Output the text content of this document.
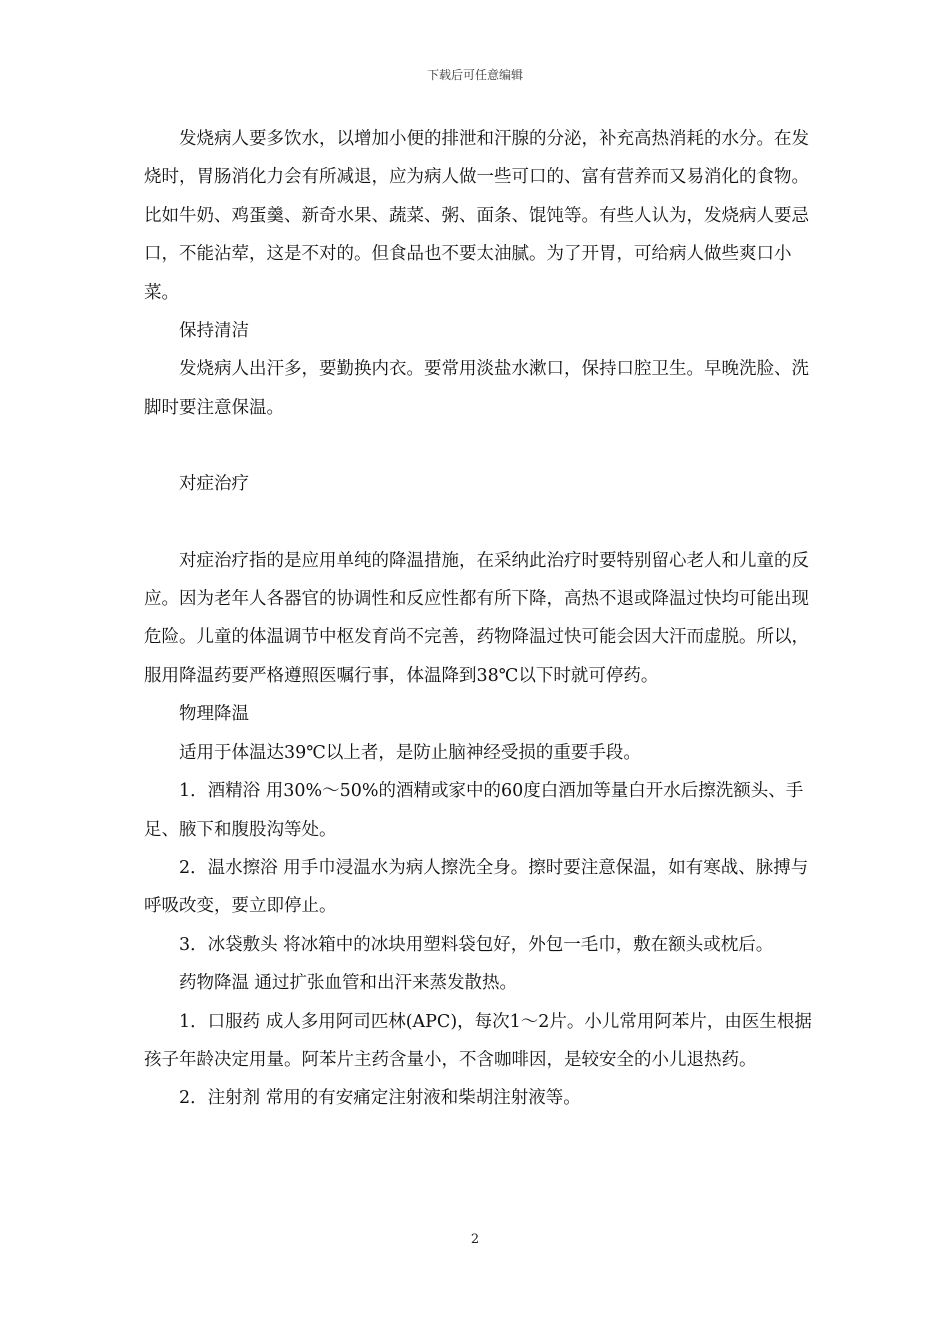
下载后可任意编辑

发烧病人要多饮水，以增加小便的排泄和汗腺的分泌，补充高热消耗的水分。在发烧时，胃肠消化力会有所减退，应为病人做一些可口的、富有营养而又易消化的食物。比如牛奶、鸡蛋羹、新奇水果、蔬菜、粥、面条、馄饨等。有些人认为，发烧病人要忌口，不能沾荤，这是不对的。但食品也不要太油腻。为了开胃，可给病人做些爽口小菜。

保持清洁

发烧病人出汗多，要勤换内衣。要常用淡盐水漱口，保持口腔卫生。早晚洗脸、洗脚时要注意保温。

对症治疗

对症治疗指的是应用单纯的降温措施，在采纳此治疗时要特别留心老人和儿童的反应。因为老年人各器官的协调性和反应性都有所下降，高热不退或降温过快均可能出现危险。儿童的体温调节中枢发育尚不完善，药物降温过快可能会因大汗而虚脱。所以，服用降温药要严格遵照医嘱行事，体温降到38℃以下时就可停药。

物理降温

适用于体温达39℃以上者，是防止脑神经受损的重要手段。

1．酒精浴 用30%～50%的酒精或家中的60度白酒加等量白开水后擦洗额头、手足、腋下和腹股沟等处。

2．温水擦浴 用手巾浸温水为病人擦洗全身。擦时要注意保温，如有寒战、脉搏与呼吸改变，要立即停止。

3．冰袋敷头 将冰箱中的冰块用塑料袋包好，外包一毛巾，敷在额头或枕后。

药物降温 通过扩张血管和出汗来蒸发散热。

1．口服药 成人多用阿司匹林(APC)，每次1～2片。小儿常用阿苯片，由医生根据孩子年龄决定用量。阿苯片主药含量小，不含咖啡因，是较安全的小儿退热药。

2．注射剂 常用的有安痛定注射液和柴胡注射液等。

2
